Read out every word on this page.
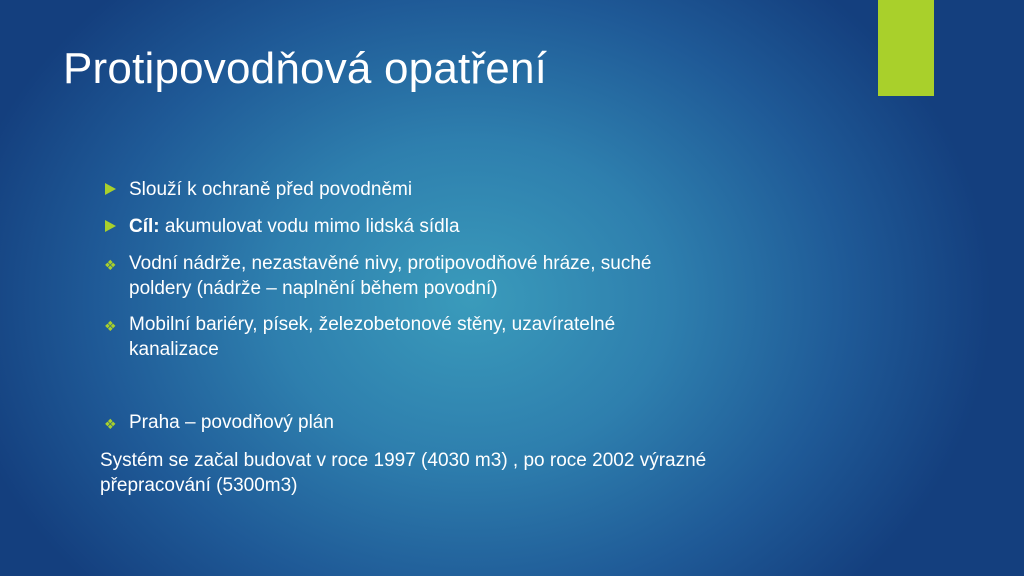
Protipovodňová opatření
Slouží k ochraně před povodněmi
Cíl: akumulovat vodu mimo lidská sídla
❖ Vodní nádrže, nezastavěné nivy, protipovodňové hráze, suché
poldery (nádrže – naplnění během povodní)
❖ Mobilní bariéry, písek, železobetonové stěny, uzavíratelné
kanalizace
❖ Praha – povodňový plán
Systém se začal budovat v roce 1997 (4030 m3) , po roce 2002 výrazné
přepracování (5300m3)
